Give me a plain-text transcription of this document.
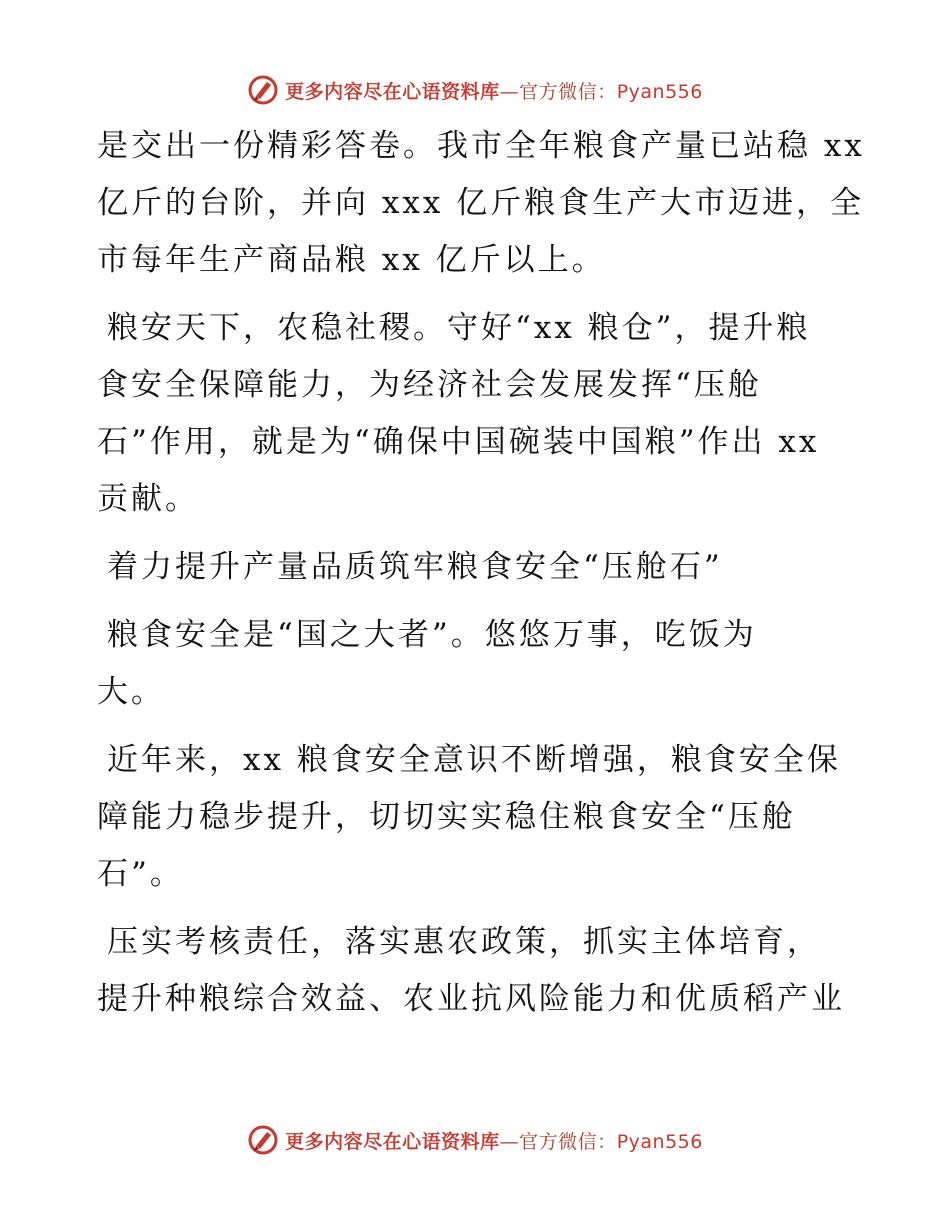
更多内容尽在心语资料库—官方微信：Pyan556

是交出一份精彩答卷。我市全年粮食产量已站稳 xx
亿斤的台阶，并向 xxx 亿斤粮食生产大市迈进，全
市每年生产商品粮 xx 亿斤以上。

粮安天下，农稳社稷。守好“xx 粮仓”，提升粮
食安全保障能力，为经济社会发展发挥“压舱
石”作用，就是为“确保中国碗装中国粮”作出 xx
贡献。

着力提升产量品质筑牢粮食安全“压舱石”

粮食安全是“国之大者”。悠悠万事，吃饭为
大。

近年来，xx 粮食安全意识不断增强，粮食安全保
障能力稳步提升，切切实实稳住粮食安全“压舱
石”。

压实考核责任，落实惠农政策，抓实主体培育，
提升种粮综合效益、农业抗风险能力和优质稻产业

更多内容尽在心语资料库—官方微信：Pyan556
